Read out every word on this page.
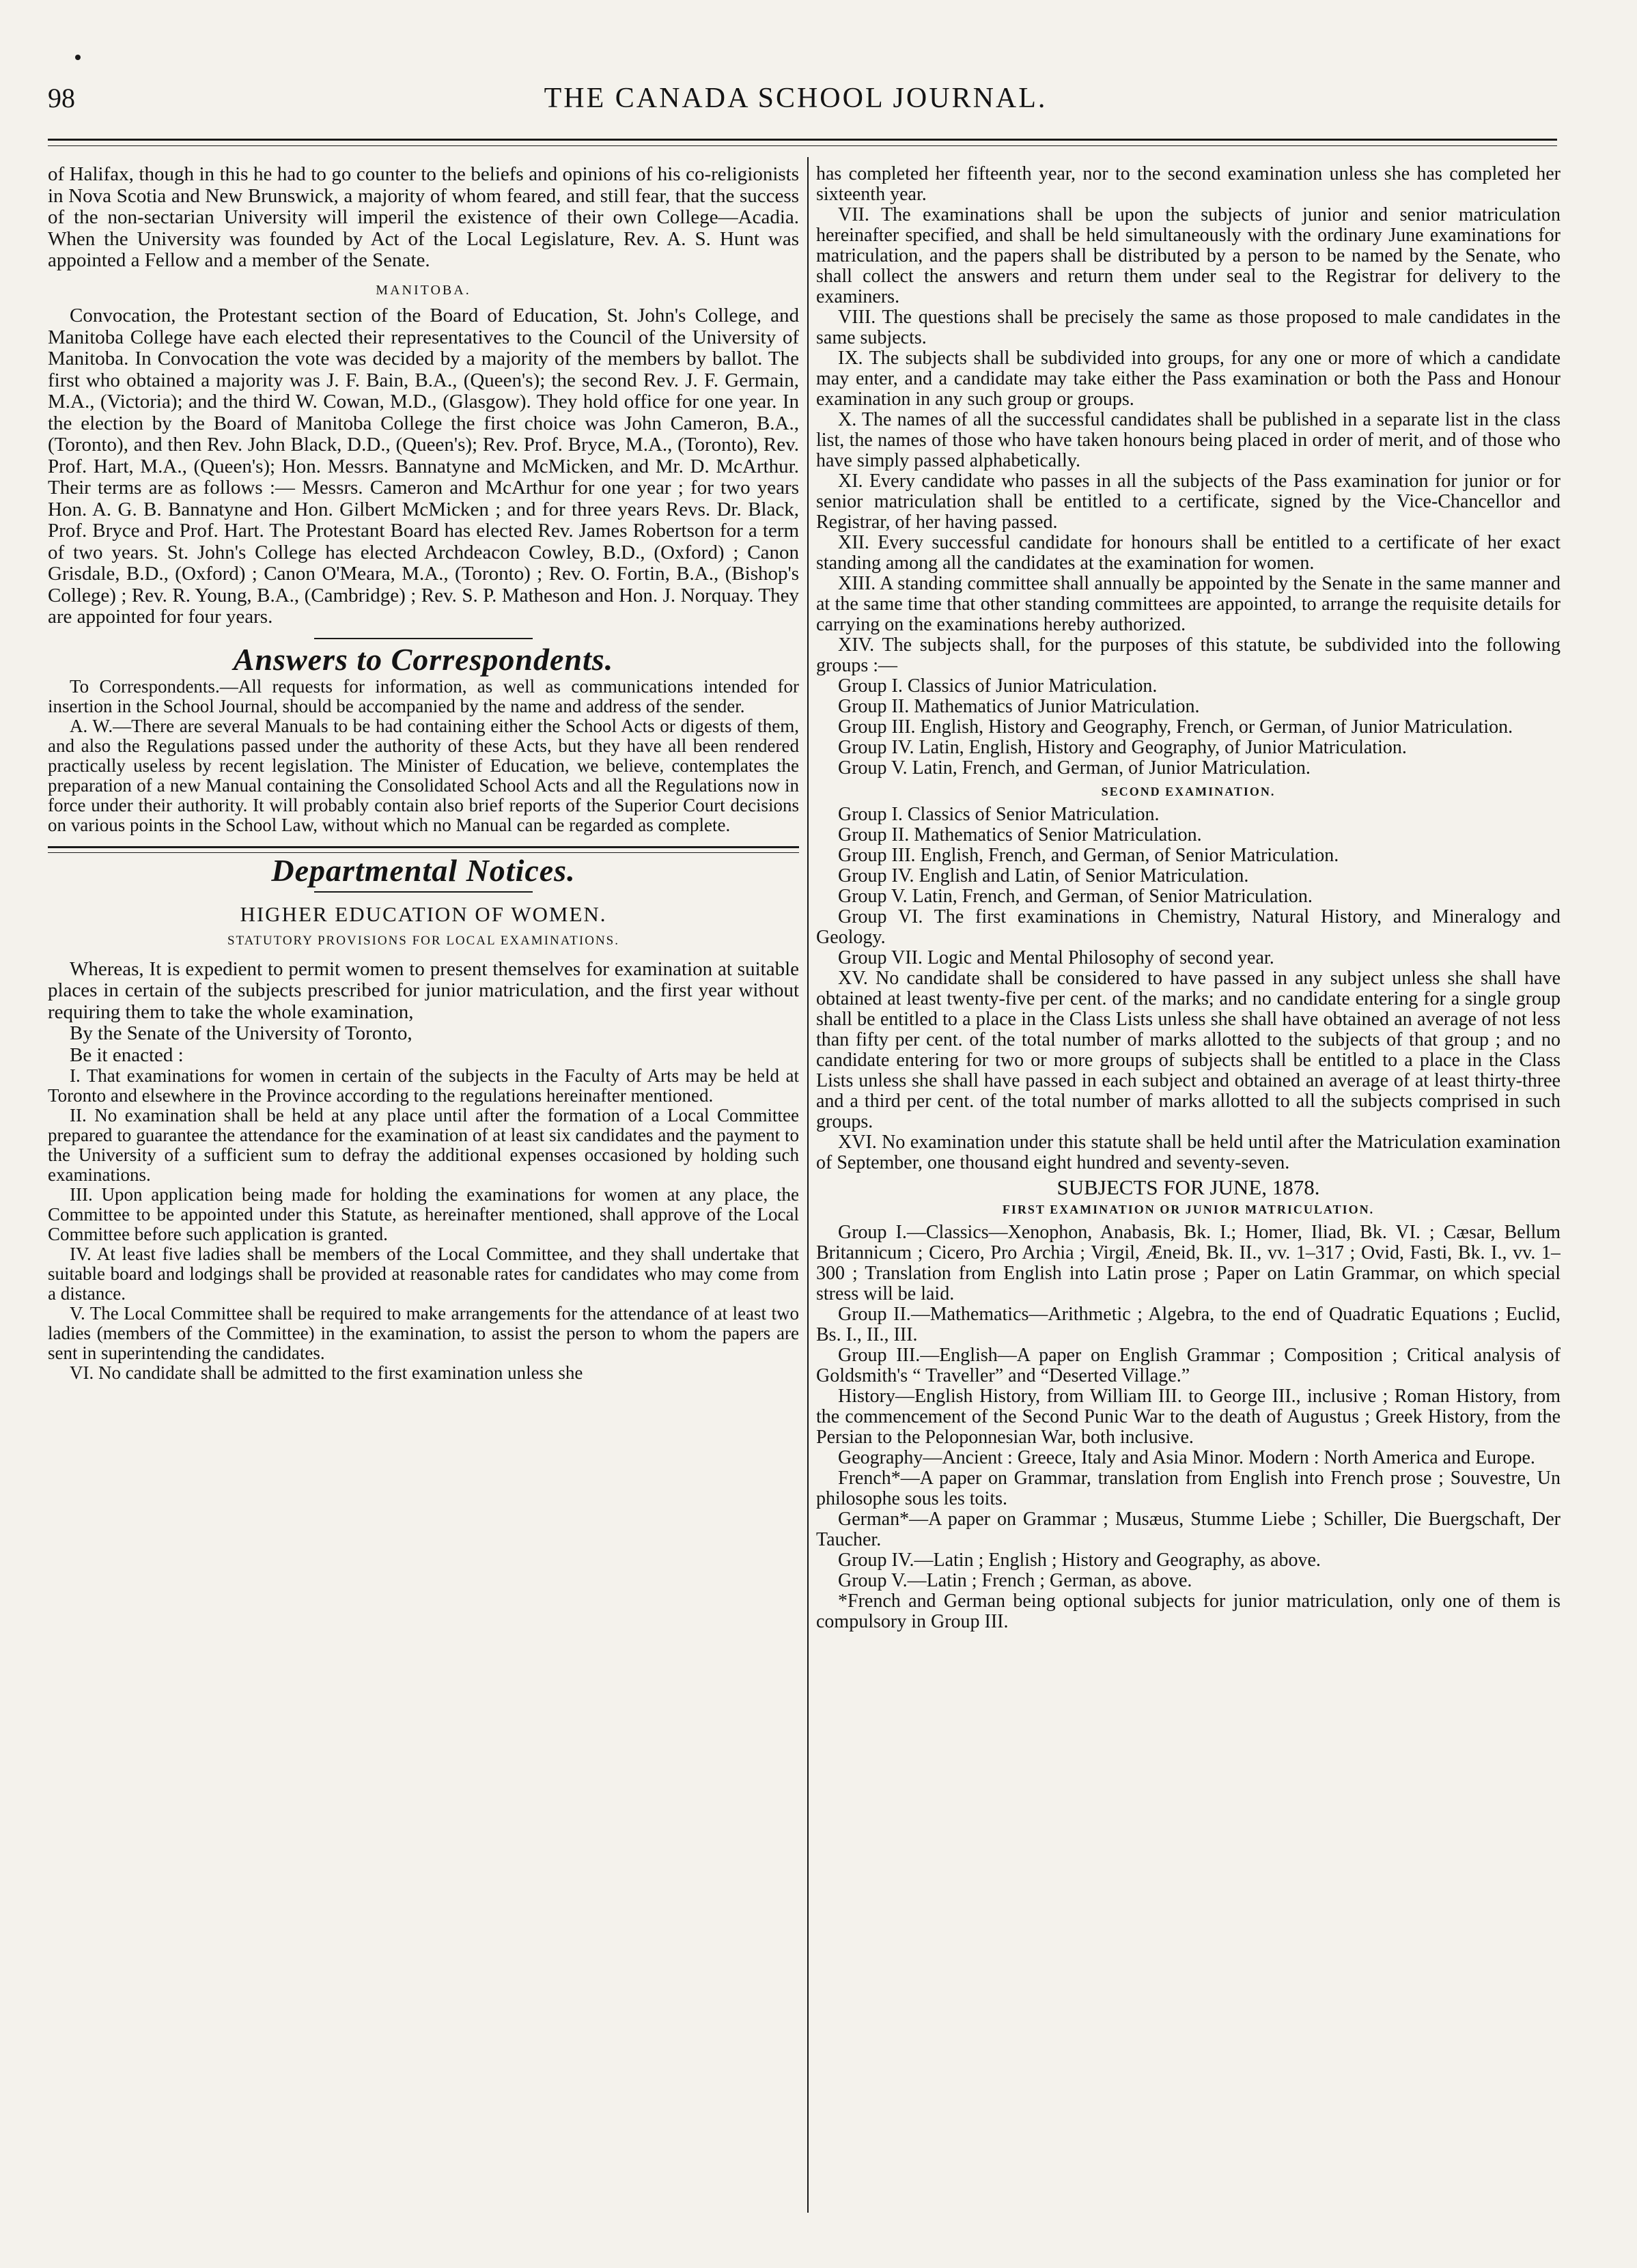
98	THE CANADA SCHOOL JOURNAL.

of Halifax, though in this he had to go counter to the beliefs and opinions of his co-religionists in Nova Scotia and New Brunswick, a majority of whom feared, and still fear, that the success of the non-sectarian University will imperil the existence of their own College—Acadia. When the University was founded by Act of the Local Legislature, Rev. A. S. Hunt was appointed a Fellow and a member of the Senate.

MANITOBA.

Convocation, the Protestant section of the Board of Education, St. John's College, and Manitoba College have each elected their representatives to the Council of the University of Manitoba. In Convocation the vote was decided by a majority of the members by ballot. The first who obtained a majority was J. F. Bain, B.A., (Queen's); the second Rev. J. F. Germain, M.A., (Victoria); and the third W. Cowan, M.D., (Glasgow). They hold office for one year. In the election by the Board of Manitoba College the first choice was John Cameron, B.A., (Toronto), and then Rev. John Black, D.D., (Queen's); Rev. Prof. Bryce, M.A., (Toronto), Rev. Prof. Hart, M.A., (Queen's); Hon. Messrs. Bannatyne and McMicken, and Mr. D. McArthur. Their terms are as follows :— Messrs. Cameron and McArthur for one year ; for two years Hon. A. G. B. Bannatyne and Hon. Gilbert McMicken ; and for three years Revs. Dr. Black, Prof. Bryce and Prof. Hart. The Protestant Board has elected Rev. James Robertson for a term of two years. St. John's College has elected Archdeacon Cowley, B.D., (Oxford) ; Canon Grisdale, B.D., (Oxford) ; Canon O'Meara, M.A., (Toronto) ; Rev. O. Fortin, B.A., (Bishop's College) ; Rev. R. Young, B.A., (Cambridge) ; Rev. S. P. Matheson and Hon. J. Norquay. They are appointed for four years.

Answers to Correspondents.

To Correspondents.—All requests for information, as well as communications intended for insertion in the School Journal, should be accompanied by the name and address of the sender.

A. W.—There are several Manuals to be had containing either the School Acts or digests of them, and also the Regulations passed under the authority of these Acts, but they have all been rendered practically useless by recent legislation. The Minister of Education, we believe, contemplates the preparation of a new Manual containing the Consolidated School Acts and all the Regulations now in force under their authority. It will probably contain also brief reports of the Superior Court decisions on various points in the School Law, without which no Manual can be regarded as complete.

Departmental Notices.
HIGHER EDUCATION OF WOMEN.
STATUTORY PROVISIONS FOR LOCAL EXAMINATIONS.

Whereas, It is expedient to permit women to present themselves for examination at suitable places in certain of the subjects prescribed for junior matriculation, and the first year without requiring them to take the whole examination,

By the Senate of the University of Toronto,

Be it enacted :

I. That examinations for women in certain of the subjects in the Faculty of Arts may be held at Toronto and elsewhere in the Province according to the regulations hereinafter mentioned.

II. No examination shall be held at any place until after the formation of a Local Committee prepared to guarantee the attendance for the examination of at least six candidates and the payment to the University of a sufficient sum to defray the additional expenses occasioned by holding such examinations.

III. Upon application being made for holding the examinations for women at any place, the Committee to be appointed under this Statute, as hereinafter mentioned, shall approve of the Local Committee before such application is granted.

IV. At least five ladies shall be members of the Local Committee, and they shall undertake that suitable board and lodgings shall be provided at reasonable rates for candidates who may come from a distance.

V. The Local Committee shall be required to make arrangements for the attendance of at least two ladies (members of the Committee) in the examination, to assist the person to whom the papers are sent in superintending the candidates.

VI. No candidate shall be admitted to the first examination unless she

has completed her fifteenth year, nor to the second examination unless she has completed her sixteenth year.

VII. The examinations shall be upon the subjects of junior and senior matriculation hereinafter specified, and shall be held simultaneously with the ordinary June examinations for matriculation, and the papers shall be distributed by a person to be named by the Senate, who shall collect the answers and return them under seal to the Registrar for delivery to the examiners.

VIII. The questions shall be precisely the same as those proposed to male candidates in the same subjects.

IX. The subjects shall be subdivided into groups, for any one or more of which a candidate may enter, and a candidate may take either the Pass examination or both the Pass and Honour examination in any such group or groups.

X. The names of all the successful candidates shall be published in a separate list in the class list, the names of those who have taken honours being placed in order of merit, and of those who have simply passed alphabetically.

XI. Every candidate who passes in all the subjects of the Pass examination for junior or for senior matriculation shall be entitled to a certificate, signed by the Vice-Chancellor and Registrar, of her having passed.

XII. Every successful candidate for honours shall be entitled to a certificate of her exact standing among all the candidates at the examination for women.

XIII. A standing committee shall annually be appointed by the Senate in the same manner and at the same time that other standing committees are appointed, to arrange the requisite details for carrying on the examinations hereby authorized.

XIV. The subjects shall, for the purposes of this statute, be subdivided into the following groups :—

Group I. Classics of Junior Matriculation.

Group II. Mathematics of Junior Matriculation.

Group III. English, History and Geography, French, or German, of Junior Matriculation.

Group IV. Latin, English, History and Geography, of Junior Matriculation.

Group V. Latin, French, and German, of Junior Matriculation.

SECOND EXAMINATION.

Group I. Classics of Senior Matriculation.

Group II. Mathematics of Senior Matriculation.

Group III. English, French, and German, of Senior Matriculation.

Group IV. English and Latin, of Senior Matriculation.

Group V. Latin, French, and German, of Senior Matriculation.

Group VI. The first examinations in Chemistry, Natural History, and Mineralogy and Geology.

Group VII. Logic and Mental Philosophy of second year.

XV. No candidate shall be considered to have passed in any subject unless she shall have obtained at least twenty-five per cent. of the marks; and no candidate entering for a single group shall be entitled to a place in the Class Lists unless she shall have obtained an average of not less than fifty per cent. of the total number of marks allotted to the subjects of that group ; and no candidate entering for two or more groups of subjects shall be entitled to a place in the Class Lists unless she shall have passed in each subject and obtained an average of at least thirty-three and a third per cent. of the total number of marks allotted to all the subjects comprised in such groups.

XVI. No examination under this statute shall be held until after the Matriculation examination of September, one thousand eight hundred and seventy-seven.

SUBJECTS FOR JUNE, 1878.
FIRST EXAMINATION OR JUNIOR MATRICULATION.

Group I.—Classics—Xenophon, Anabasis, Bk. I.; Homer, Iliad, Bk. VI. ; Cæsar, Bellum Britannicum ; Cicero, Pro Archia ; Virgil, Æneid, Bk. II., vv. 1–317 ; Ovid, Fasti, Bk. I., vv. 1–300 ; Translation from English into Latin prose ; Paper on Latin Grammar, on which special stress will be laid.

Group II.—Mathematics—Arithmetic ; Algebra, to the end of Quadratic Equations ; Euclid, Bs. I., II., III.

Group III.—English—A paper on English Grammar ; Composition ; Critical analysis of Goldsmith's “ Traveller” and “Deserted Village.”

History—English History, from William III. to George III., inclusive ; Roman History, from the commencement of the Second Punic War to the death of Augustus ; Greek History, from the Persian to the Peloponnesian War, both inclusive.

Geography—Ancient : Greece, Italy and Asia Minor. Modern : North America and Europe.

French*—A paper on Grammar, translation from English into French prose ; Souvestre, Un philosophe sous les toits.

German*—A paper on Grammar ; Musæus, Stumme Liebe ; Schiller, Die Buergschaft, Der Taucher.

Group IV.—Latin ; English ; History and Geography, as above.

Group V.—Latin ; French ; German, as above.

*French and German being optional subjects for junior matriculation, only one of them is compulsory in Group III.
